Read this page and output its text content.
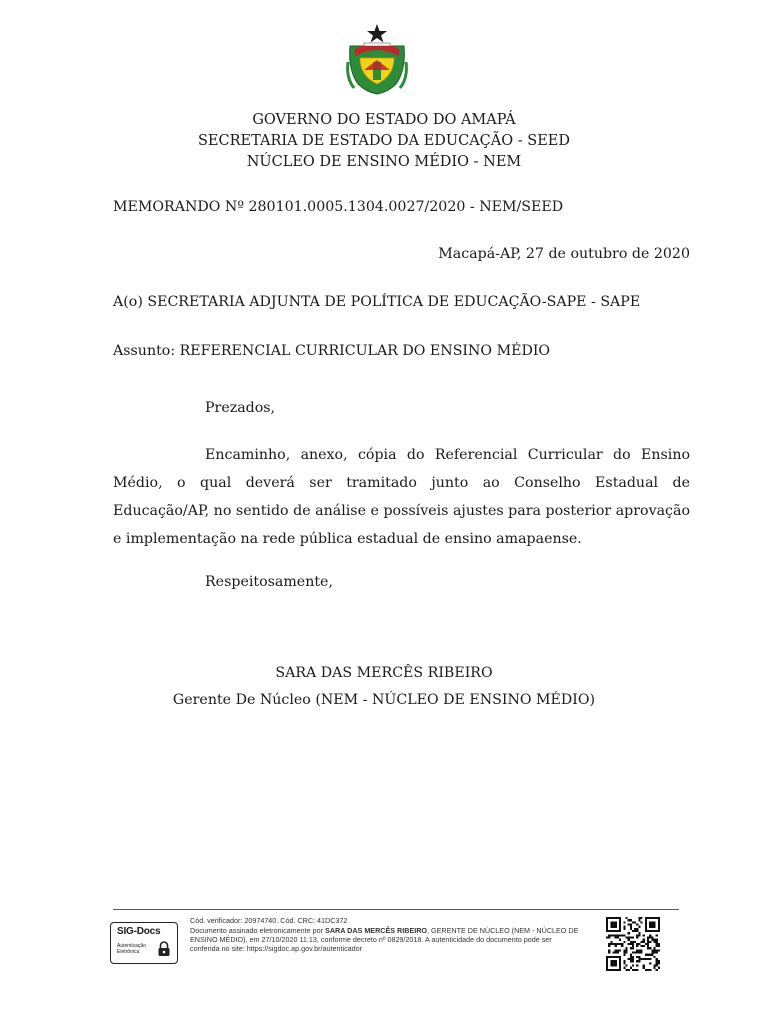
GOVERNO DO ESTADO DO AMAPÁ
SECRETARIA DE ESTADO DA EDUCAÇÃO - SEED
NÚCLEO DE ENSINO MÉDIO - NEM
MEMORANDO Nº 280101.0005.1304.0027/2020 - NEM/SEED
Macapá-AP, 27 de outubro de 2020
A(o) SECRETARIA ADJUNTA DE POLÍTICA DE EDUCAÇÃO-SAPE - SAPE
Assunto: REFERENCIAL CURRICULAR DO ENSINO MÉDIO
Prezados,
Encaminho, anexo, cópia do Referencial Curricular do Ensino Médio, o qual deverá ser tramitado junto ao Conselho Estadual de Educação/AP, no sentido de análise e possíveis ajustes para posterior aprovação e implementação na rede pública estadual de ensino amapaense.
Respeitosamente,
SARA DAS MERCÊS RIBEIRO
Gerente De Núcleo (NEM - NÚCLEO DE ENSINO MÉDIO)
SIG-Docs
Autenticação Eletrônica
Cód. verificador: 20974740. Cód. CRC: 41DC372
Documento assinado eletronicamente por SARA DAS MERCÊS RIBEIRO, GERENTE DE NÚCLEO (NEM - NÚCLEO DE ENSINO MÉDIO), em 27/10/2020 11:13, conforme decreto nº 0829/2018. A autenticidade do documento pode ser conferida no site: https://sigdoc.ap.gov.br/autenticador
